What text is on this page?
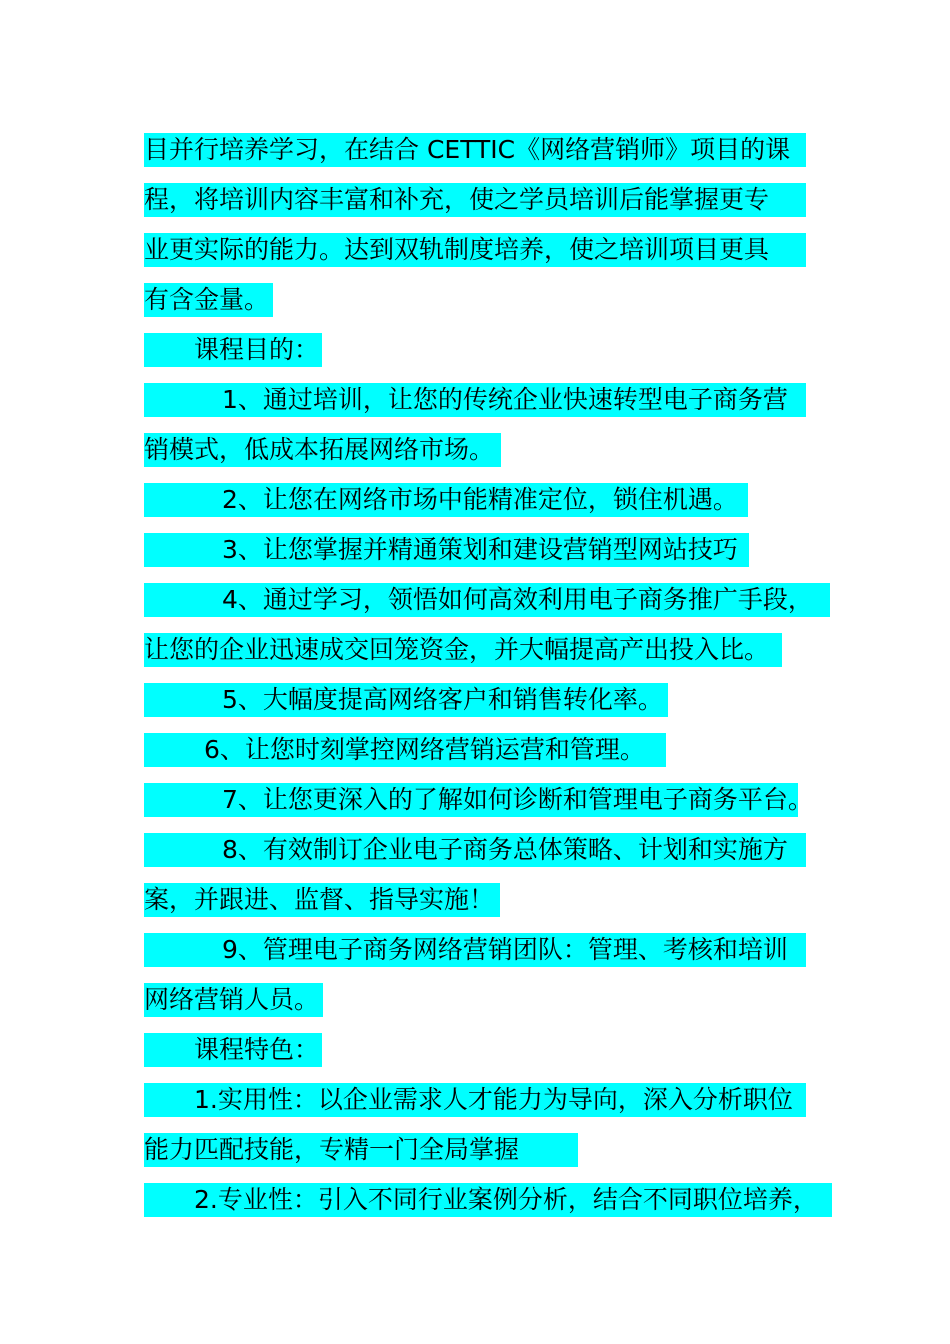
目并行培养学习，在结合 CETTIC《网络营销师》项目的课
程，将培训内容丰富和补充，使之学员培训后能掌握更专
业更实际的能力。达到双轨制度培养，使之培训项目更具
有含金量。
课程目的：
1、通过培训，让您的传统企业快速转型电子商务营
销模式，低成本拓展网络市场。
2、让您在网络市场中能精准定位，锁住机遇。
3、让您掌握并精通策划和建设营销型网站技巧
4、通过学习，领悟如何高效利用电子商务推广手段，
让您的企业迅速成交回笼资金，并大幅提高产出投入比。
5、大幅度提高网络客户和销售转化率。
6、让您时刻掌控网络营销运营和管理。
7、让您更深入的了解如何诊断和管理电子商务平台。
8、有效制订企业电子商务总体策略、计划和实施方
案，并跟进、监督、指导实施！
9、管理电子商务网络营销团队：管理、考核和培训
网络营销人员。
课程特色：
1.实用性：以企业需求人才能力为导向，深入分析职位
能力匹配技能，专精一门全局掌握
2.专业性：引入不同行业案例分析，结合不同职位培养，
